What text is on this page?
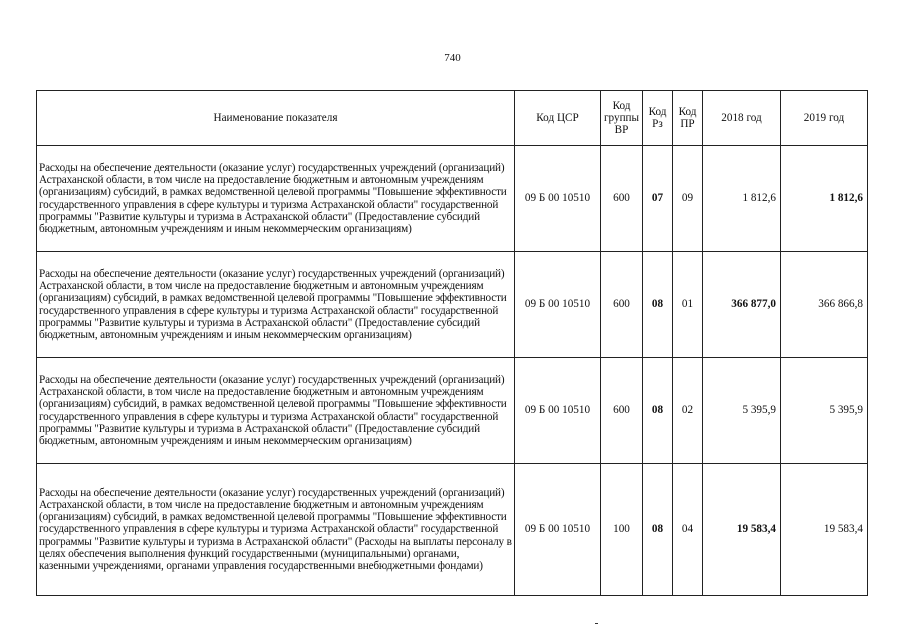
740
Наименование показателя	Код ЦСР	Код группы ВР	Код Рз	Код ПР	2018 год	2019 год
Расходы на обеспечение деятельности (оказание услуг) государственных учреждений (организаций) Астраханской области, в том числе на предоставление бюджетным и автономным учреждениям (организациям) субсидий, в рамках ведомственной целевой программы "Повышение эффективности государственного управления в сфере культуры и туризма Астраханской области" государственной программы "Развитие культуры и туризма в Астраханской области" (Предоставление субсидий бюджетным, автономным учреждениям и иным некоммерческим организациям)	09 Б 00 10510	600	07	09	1 812,6	1 812,6
Расходы на обеспечение деятельности (оказание услуг) государственных учреждений (организаций) Астраханской области, в том числе на предоставление бюджетным и автономным учреждениям (организациям) субсидий, в рамках ведомственной целевой программы "Повышение эффективности государственного управления в сфере культуры и туризма Астраханской области" государственной программы "Развитие культуры и туризма в Астраханской области" (Предоставление субсидий бюджетным, автономным учреждениям и иным некоммерческим организациям)	09 Б 00 10510	600	08	01	366 877,0	366 866,8
Расходы на обеспечение деятельности (оказание услуг) государственных учреждений (организаций) Астраханской области, в том числе на предоставление бюджетным и автономным учреждениям (организациям) субсидий, в рамках ведомственной целевой программы "Повышение эффективности государственного управления в сфере культуры и туризма Астраханской области" государственной программы "Развитие культуры и туризма в Астраханской области" (Предоставление субсидий бюджетным, автономным учреждениям и иным некоммерческим организациям)	09 Б 00 10510	600	08	02	5 395,9	5 395,9
Расходы на обеспечение деятельности (оказание услуг) государственных учреждений (организаций) Астраханской области, в том числе на предоставление бюджетным и автономным учреждениям (организациям) субсидий, в рамках ведомственной целевой программы "Повышение эффективности государственного управления в сфере культуры и туризма Астраханской области" государственной программы "Развитие культуры и туризма в Астраханской области" (Расходы на выплаты персоналу в целях обеспечения выполнения функций государственными (муниципальными) органами, казенными учреждениями, органами управления государственными внебюджетными фондами)	09 Б 00 10510	100	08	04	19 583,4	19 583,4
